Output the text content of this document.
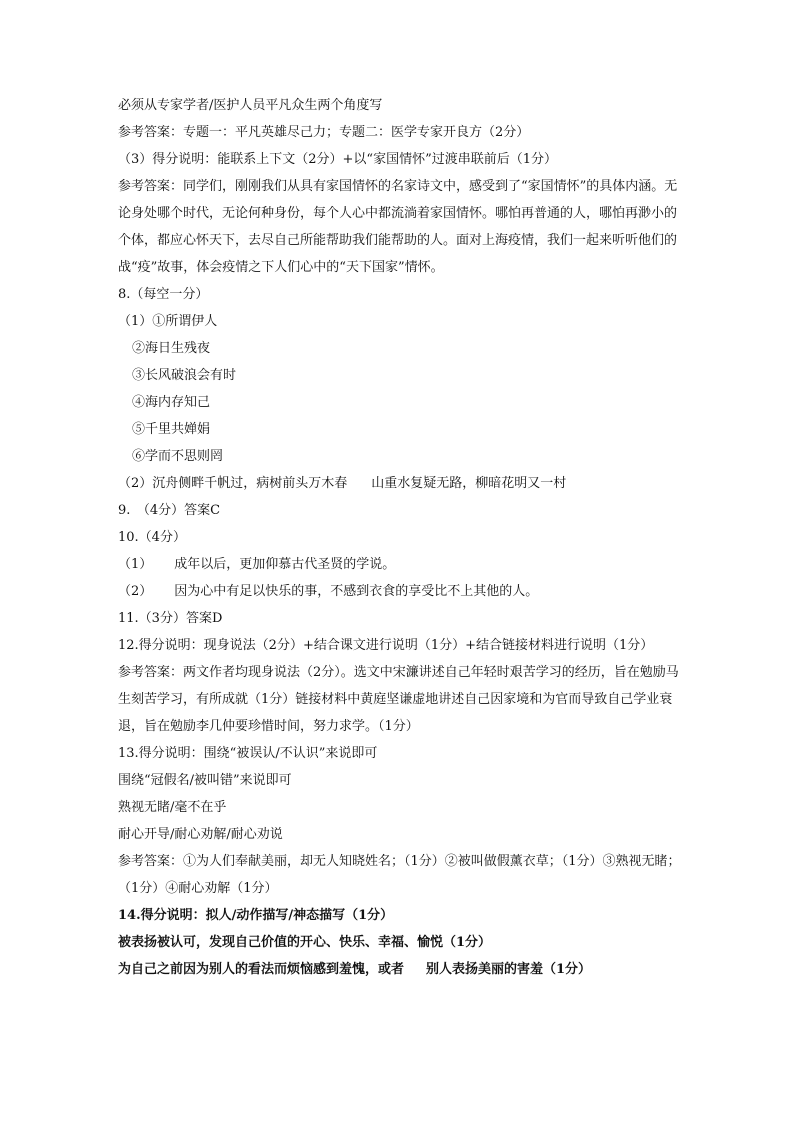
必须从专家学者/医护人员平凡众生两个角度写
参考答案：专题一：平凡英雄尽己力；专题二：医学专家开良方（2分）
（3）得分说明：能联系上下文（2分）+以“家国情怀”过渡串联前后（1分）
参考答案：同学们，刚刚我们从具有家国情怀的名家诗文中，感受到了“家国情怀”的具体内涵。无论身处哪个时代，无论何种身份，每个人心中都流淌着家国情怀。哪怕再普通的人，哪怕再渺小的个体，都应心怀天下，去尽自己所能帮助我们能帮助的人。面对上海疫情，我们一起来听听他们的战“疫”故事，体会疫情之下人们心中的“天下国家”情怀。
8.（每空一分）
（1）①所谓伊人
②海日生残夜
③长风破浪会有时
④海内存知己
⑤千里共婵娟
⑥学而不思则罔
（2）沉舟侧畔千帆过，病树前头万木春 山重水复疑无路，柳暗花明又一村
9.　（4分）答案C
10.（4分）
（1） 成年以后，更加仰慕古代圣贤的学说。
（2） 因为心中有足以快乐的事，不感到衣食的享受比不上其他的人。
11.（3分）答案D
12.得分说明：现身说法（2分）+结合课文进行说明（1分）+结合链接材料进行说明（1分）
参考答案：两文作者均现身说法（2分）。选文中宋濂讲述自己年轻时艰苦学习的经历，旨在勉励马生刻苦学习，有所成就（1分）链接材料中黄庭坚谦虚地讲述自己因家境和为官而导致自己学业衰退，旨在勉励李几仲要珍惜时间，努力求学。（1分）
13.得分说明：围绕“被误认/不认识”来说即可
围绕“冠假名/被叫错”来说即可
熟视无睹/毫不在乎
耐心开导/耐心劝解/耐心劝说
参考答案：①为人们奉献美丽，却无人知晓姓名；（1分）②被叫做假薰衣草；（1分）③熟视无睹；（1分）④耐心劝解（1分）
14.得分说明：拟人/动作描写/神态描写（1分）
被表扬被认可，发现自己价值的开心、快乐、幸福、愉悦（1分）
为自己之前因为别人的看法而烦恼感到羞愧，或者 别人表扬美丽的害羞（1分）
